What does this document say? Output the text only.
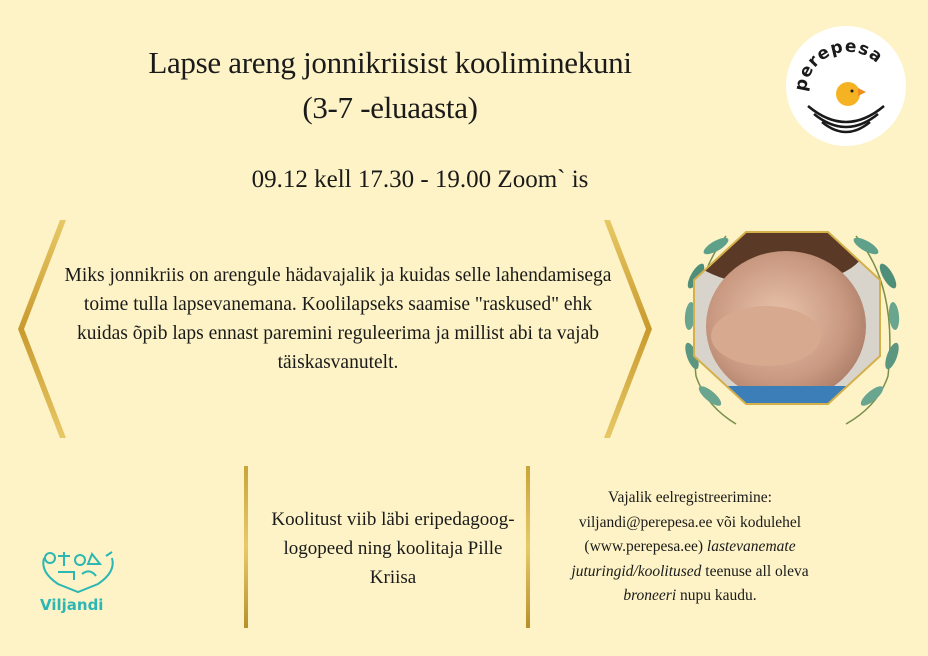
Lapse areng jonnikriisist kooliminekuni
(3-7 -eluaasta)
09.12 kell 17.30 - 19.00 Zoom` is
Miks jonnikriis on arengule hädavajalik ja kuidas selle lahendamisega toime tulla lapsevanemana. Koolilapseks saamise "raskused" ehk kuidas õpib laps ennast paremini reguleerima ja millist abi ta vajab täiskasvanutelt.
perepesa
Koolitust viib läbi eripedagoog-logopeed ning koolitaja Pille Kriisa
Vajalik eelregistreerimine:
viljandi@perepesa.ee või kodulehel
(www.perepesa.ee) lastevanemate
juturingid/koolitused teenuse all oleva
broneeri nupu kaudu.
Viljandi
